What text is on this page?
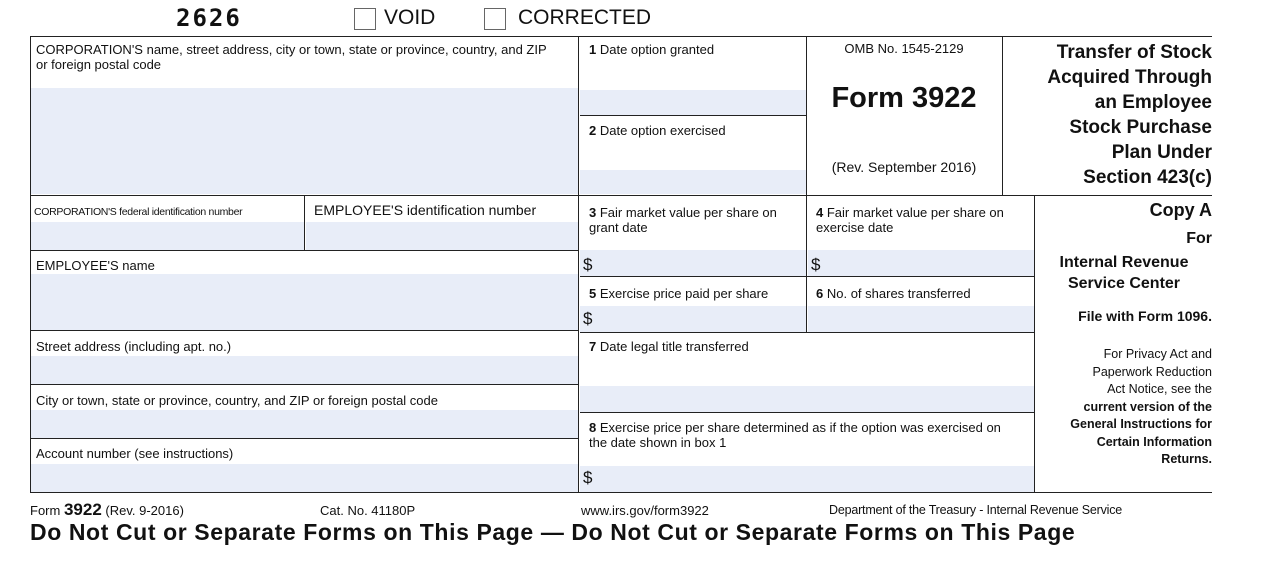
2626	VOID	CORRECTED
CORPORATION'S name, street address, city or town, state or province, country, and ZIP or foreign postal code
CORPORATION'S federal identification number	EMPLOYEE'S identification number
EMPLOYEE'S name
Street address (including apt. no.)
City or town, state or province, country, and ZIP or foreign postal code
Account number (see instructions)
1 Date option granted
2 Date option exercised
3 Fair market value per share on grant date
$
4 Fair market value per share on exercise date
$
5 Exercise price paid per share
$
6 No. of shares transferred
7 Date legal title transferred
8 Exercise price per share determined as if the option was exercised on the date shown in box 1
$
OMB No. 1545-2129
Form 3922
(Rev. September 2016)
Transfer of Stock
Acquired Through
an Employee
Stock Purchase
Plan Under
Section 423(c)
Copy A
For
Internal Revenue
Service Center
File with Form 1096.
For Privacy Act and
Paperwork Reduction
Act Notice, see the
current version of the
General Instructions for
Certain Information
Returns.
Form 3922 (Rev. 9-2016)	Cat. No. 41180P	www.irs.gov/form3922	Department of the Treasury - Internal Revenue Service
Do Not Cut or Separate Forms on This Page — Do Not Cut or Separate Forms on This Page
